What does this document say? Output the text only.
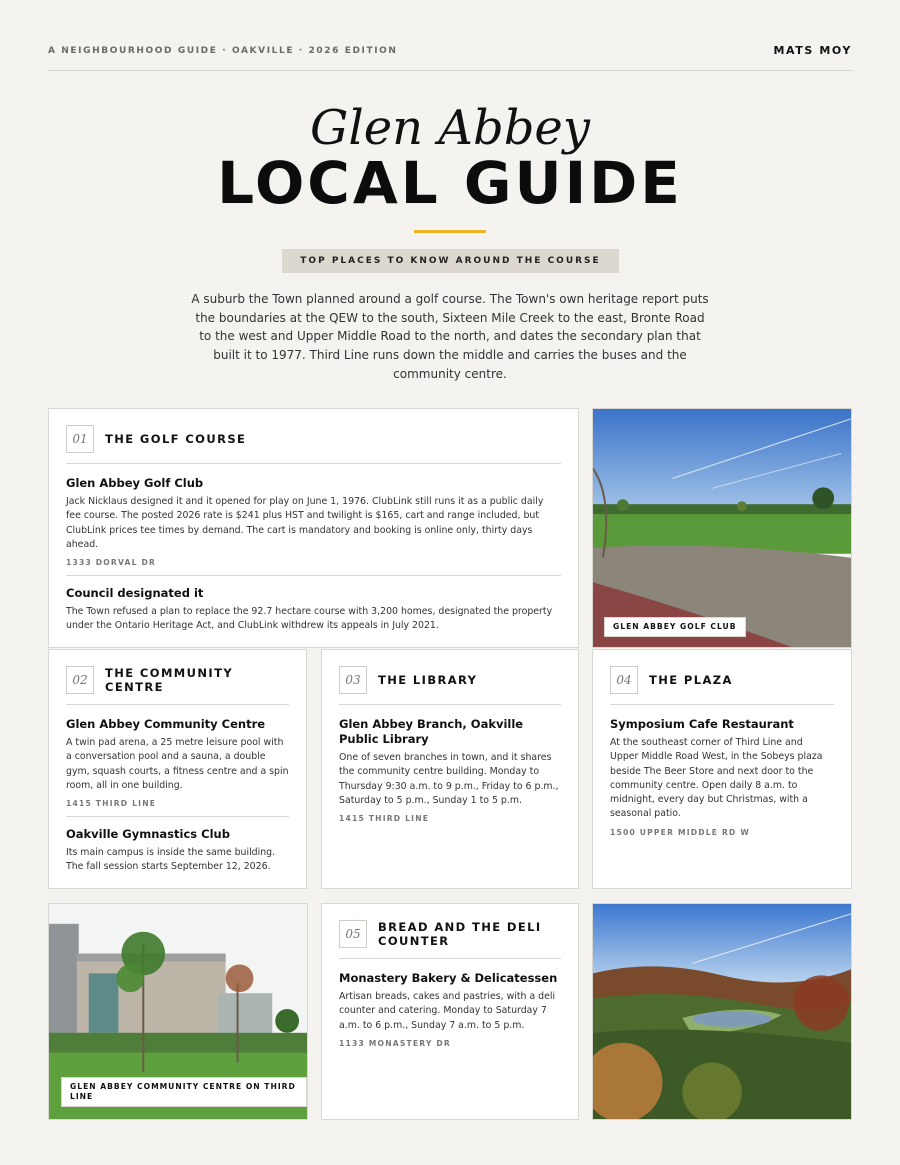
A NEIGHBOURHOOD GUIDE · OAKVILLE · 2026 EDITION	MATS MOY
Glen Abbey
LOCAL GUIDE
TOP PLACES TO KNOW AROUND THE COURSE

A suburb the Town planned around a golf course. The Town's own heritage report puts the boundaries at the QEW to the south, Sixteen Mile Creek to the east, Bronte Road to the west and Upper Middle Road to the north, and dates the secondary plan that built it to 1977. Third Line runs down the middle and carries the buses and the community centre.

01	THE GOLF COURSE
Glen Abbey Golf Club
Jack Nicklaus designed it and it opened for play on June 1, 1976. ClubLink still runs it as a public daily fee course. The posted 2026 rate is $241 plus HST and twilight is $165, cart and range included, but ClubLink prices tee times by demand. The cart is mandatory and booking is online only, thirty days ahead.
1333 DORVAL DR
Council designated it
The Town refused a plan to replace the 92.7 hectare course with 3,200 homes, designated the property under the Ontario Heritage Act, and ClubLink withdrew its appeals in July 2021.	GLEN ABBEY GOLF CLUB
02	THE COMMUNITY CENTRE
Glen Abbey Community Centre
A twin pad arena, a 25 metre leisure pool with a conversation pool and a sauna, a double gym, squash courts, a fitness centre and a spin room, all in one building.
1415 THIRD LINE
Oakville Gymnastics Club
Its main campus is inside the same building. The fall session starts September 12, 2026.
03	THE LIBRARY
Glen Abbey Branch, Oakville Public Library
One of seven branches in town, and it shares the community centre building. Monday to Thursday 9:30 a.m. to 9 p.m., Friday to 6 p.m., Saturday to 5 p.m., Sunday 1 to 5 p.m.
1415 THIRD LINE
04	THE PLAZA
Symposium Cafe Restaurant
At the southeast corner of Third Line and Upper Middle Road West, in the Sobeys plaza beside The Beer Store and next door to the community centre. Open daily 8 a.m. to midnight, every day but Christmas, with a seasonal patio.
1500 UPPER MIDDLE RD W
GLEN ABBEY COMMUNITY CENTRE ON THIRD LINE
05	BREAD AND THE DELI COUNTER
Monastery Bakery & Delicatessen
Artisan breads, cakes and pastries, with a deli counter and catering. Monday to Saturday 7 a.m. to 6 p.m., Sunday 7 a.m. to 5 p.m.
1133 MONASTERY DR
